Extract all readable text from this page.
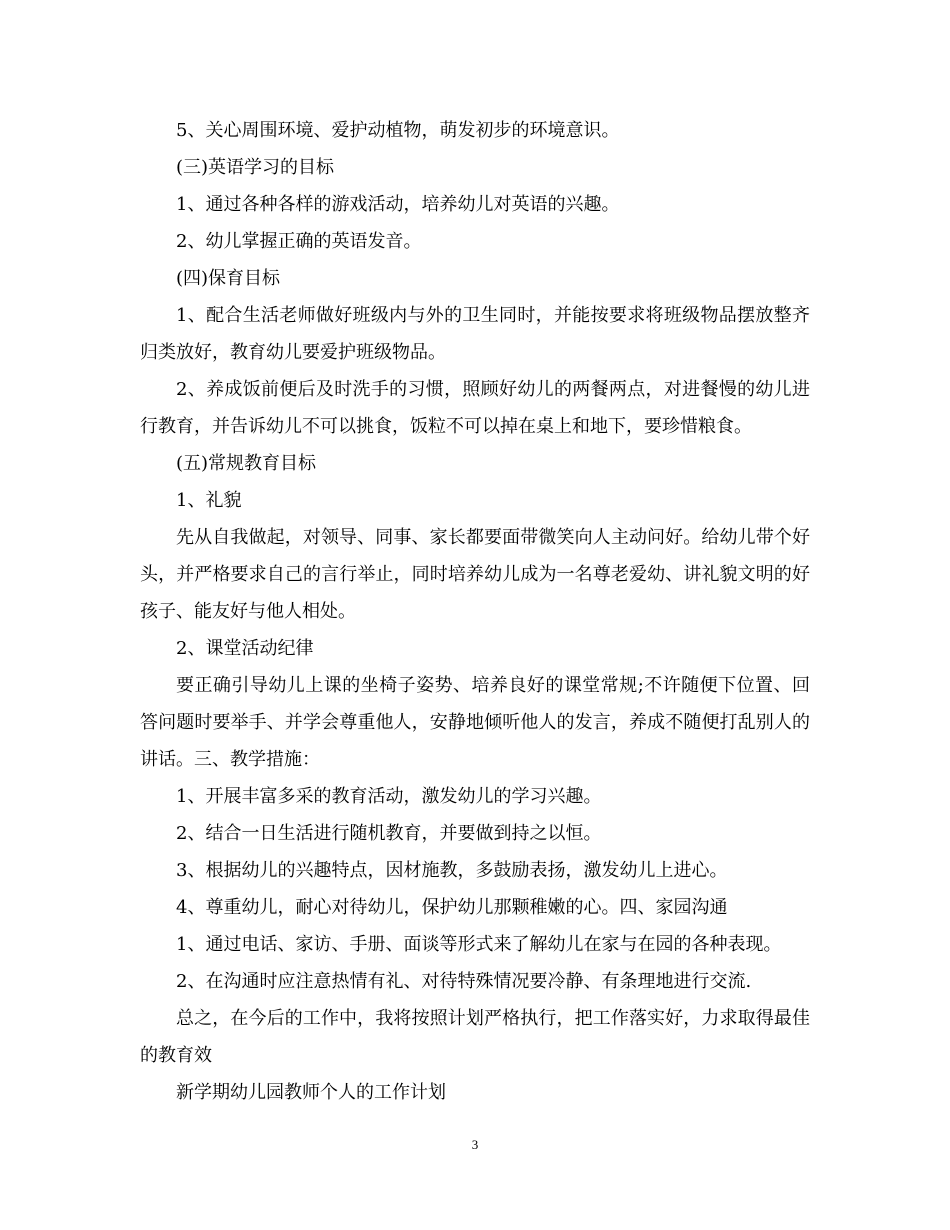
5、关心周围环境、爱护动植物，萌发初步的环境意识。

(三)英语学习的目标

1、通过各种各样的游戏活动，培养幼儿对英语的兴趣。

2、幼儿掌握正确的英语发音。

(四)保育目标

1、配合生活老师做好班级内与外的卫生同时，并能按要求将班级物品摆放整齐归类放好，教育幼儿要爱护班级物品。

2、养成饭前便后及时洗手的习惯，照顾好幼儿的两餐两点，对进餐慢的幼儿进行教育，并告诉幼儿不可以挑食，饭粒不可以掉在桌上和地下，要珍惜粮食。

(五)常规教育目标

1、礼貌

先从自我做起，对领导、同事、家长都要面带微笑向人主动问好。给幼儿带个好头，并严格要求自己的言行举止，同时培养幼儿成为一名尊老爱幼、讲礼貌文明的好孩子、能友好与他人相处。

2、课堂活动纪律

要正确引导幼儿上课的坐椅子姿势、培养良好的课堂常规;不许随便下位置、回答问题时要举手、并学会尊重他人，安静地倾听他人的发言，养成不随便打乱别人的讲话。三、教学措施：

1、开展丰富多采的教育活动，激发幼儿的学习兴趣。

2、结合一日生活进行随机教育，并要做到持之以恒。

3、根据幼儿的兴趣特点，因材施教，多鼓励表扬，激发幼儿上进心。

4、尊重幼儿，耐心对待幼儿，保护幼儿那颗稚嫩的心。四、家园沟通

1、通过电话、家访、手册、面谈等形式来了解幼儿在家与在园的各种表现。

2、在沟通时应注意热情有礼、对待特殊情况要冷静、有条理地进行交流.

总之，在今后的工作中，我将按照计划严格执行，把工作落实好，力求取得最佳的教育效

新学期幼儿园教师个人的工作计划

3
